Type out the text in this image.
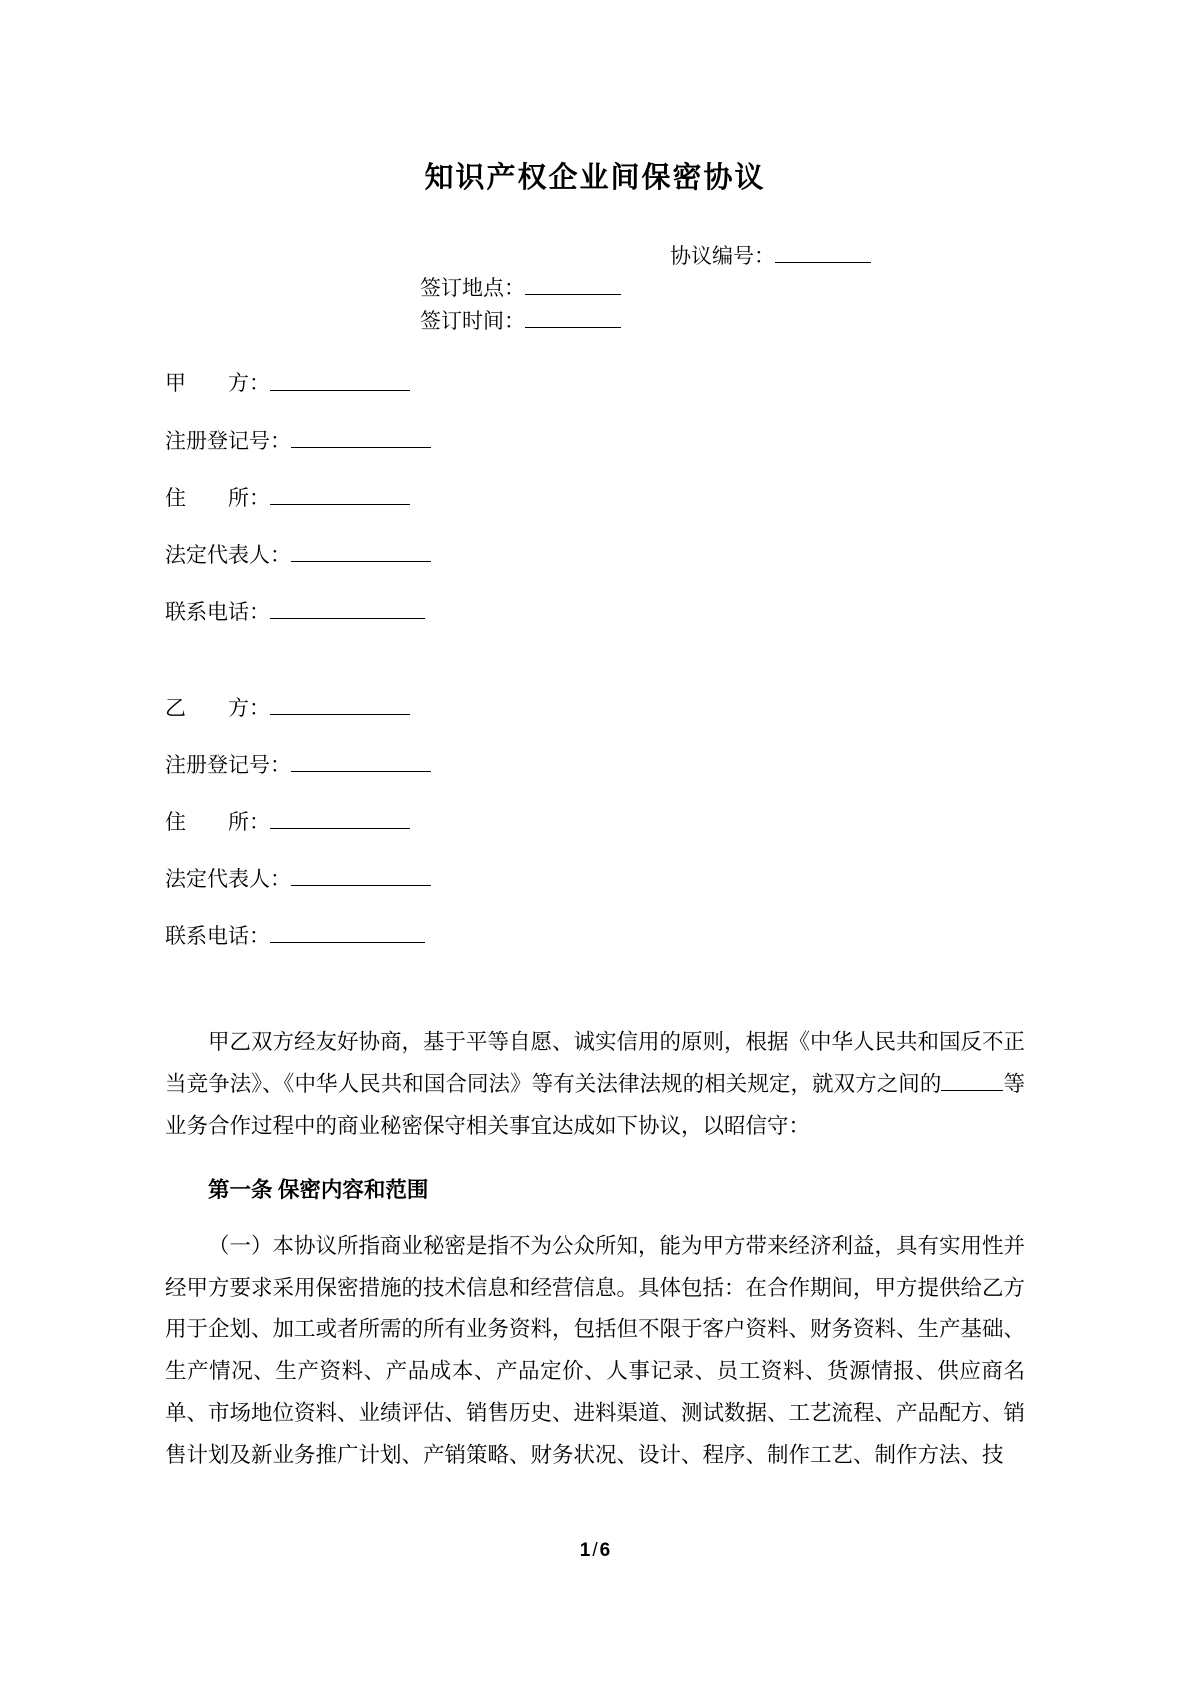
知识产权企业间保密协议
协议编号：
签订地点：
签订时间：
甲　　方：
注册登记号：
住　　所：
法定代表人：
联系电话：
乙　　方：
注册登记号：
住　　所：
法定代表人：
联系电话：

甲乙双方经友好协商，基于平等自愿、诚实信用的原则，根据《中华人民共和国反不正当竞争法》、《中华人民共和国合同法》等有关法律法规的相关规定，就双方之间的	等业务合作过程中的商业秘密保守相关事宜达成如下协议，以昭信守：

第一条 保密内容和范围

（一）本协议所指商业秘密是指不为公众所知，能为甲方带来经济利益，具有实用性并经甲方要求采用保密措施的技术信息和经营信息。具体包括：在合作期间，甲方提供给乙方用于企划、加工或者所需的所有业务资料，包括但不限于客户资料、财务资料、生产基础、生产情况、生产资料、产品成本、产品定价、人事记录、员工资料、货源情报、供应商名单、市场地位资料、业绩评估、销售历史、进料渠道、测试数据、工艺流程、产品配方、销售计划及新业务推广计划、产销策略、财务状况、设计、程序、制作工艺、制作方法、技

1 / 6
